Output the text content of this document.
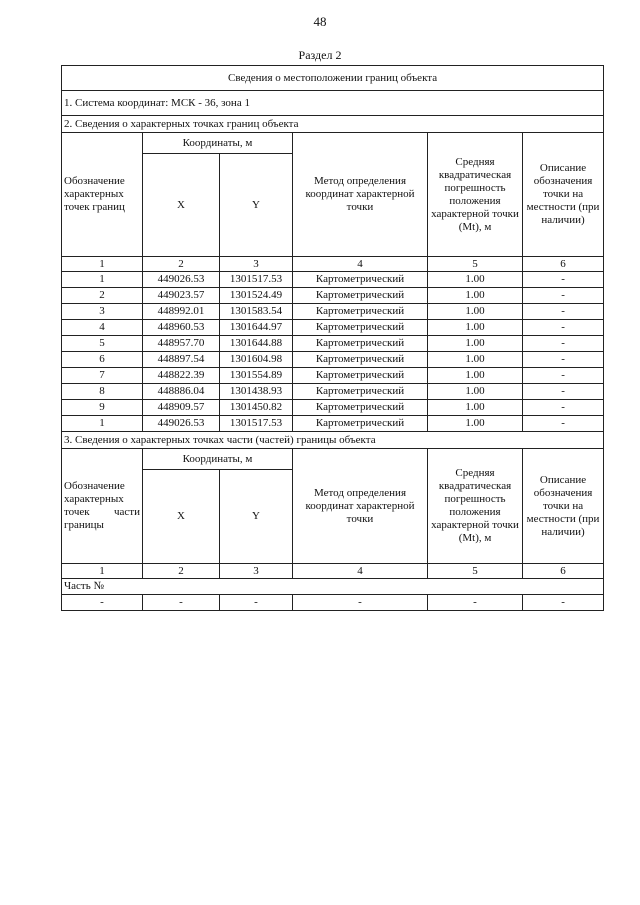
48
Раздел 2
Сведения о местоположении границ объекта					
1. Система координат: МСК - 36, зона 1					
2. Сведения о характерных точках границ объекта					
Обозначение характерных точек границ	Координаты, м		Метод определения координат характерной точки	Средняя квадратическая погрешность положения характерной точки (Mt), м	Описание обозначения точки на местности (при наличии)
	X	Y			
1	2	3	4	5	6
1	449026.53	1301517.53	Картометрический	1.00	-
2	449023.57	1301524.49	Картометрический	1.00	-
3	448992.01	1301583.54	Картометрический	1.00	-
4	448960.53	1301644.97	Картометрический	1.00	-
5	448957.70	1301644.88	Картометрический	1.00	-
6	448897.54	1301604.98	Картометрический	1.00	-
7	448822.39	1301554.89	Картометрический	1.00	-
8	448886.04	1301438.93	Картометрический	1.00	-
9	448909.57	1301450.82	Картометрический	1.00	-
1	449026.53	1301517.53	Картометрический	1.00	-
3. Сведения о характерных точках части (частей) границы объекта					

Обозначение характерных точек части границы	Координаты, м		Метод определения координат характерной точки	Средняя квадратическая погрешность положения характерной точки (Mt), м	Описание обозначения точки на местности (при наличии)
	X	Y			
1	2	3	4	5	6
Часть №					
-	-	-	-	-	-
